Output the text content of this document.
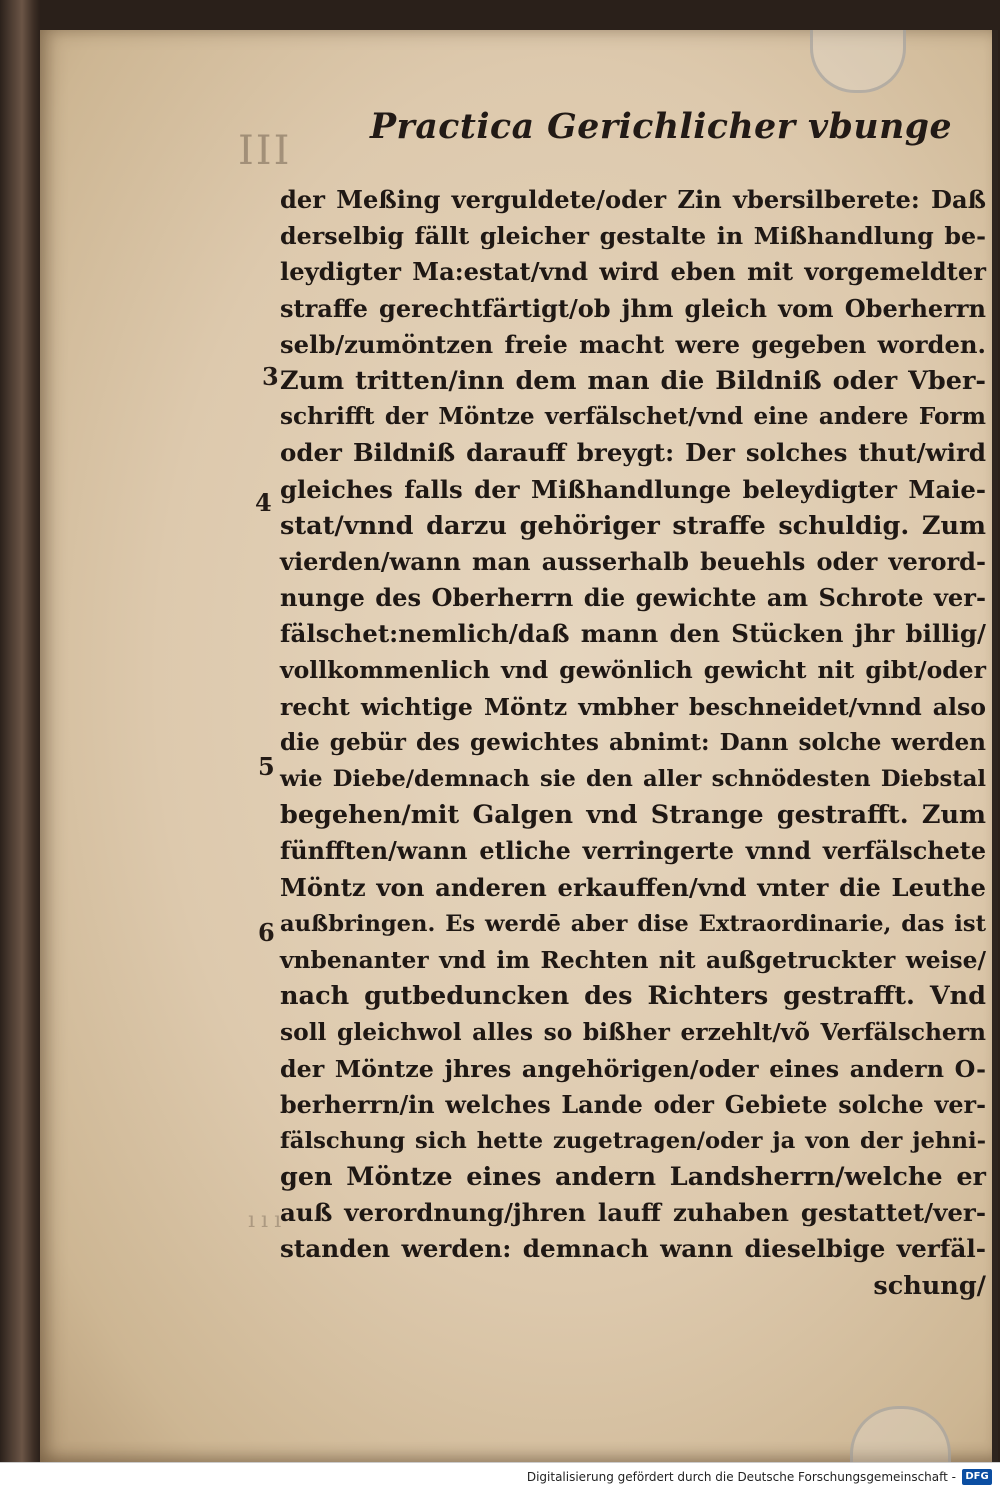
III
Practica Gerichlicher vbunge
der Meßing verguldete/oder Zin vbersilberete: Daß
derselbig fällt gleicher gestalte in Mißhandlung be-
leydigter Ma:estat/vnd wird eben mit vorgemeldter
straffe gerechtfärtigt/ob jhm gleich vom Oberherrn
selb/zumöntzen freie macht were gegeben worden.
Zum tritten/inn dem man die Bildniß oder Vber-
schrifft der Möntze verfälschet/vnd eine andere Form
oder Bildniß darauff breygt: Der solches thut/wird
gleiches falls der Mißhandlunge beleydigter Maie-
stat/vnnd darzu gehöriger straffe schuldig. Zum
vierden/wann man ausserhalb beuehls oder verord-
nunge des Oberherrn die gewichte am Schrote ver-
fälschet:nemlich/daß mann den Stücken jhr billig/
vollkommenlich vnd gewönlich gewicht nit gibt/oder
recht wichtige Möntz vmbher beschneidet/vnnd also
die gebür des gewichtes abnimt: Dann solche werden
wie Diebe/demnach sie den aller schnödesten Diebstal
begehen/mit Galgen vnd Strange gestrafft. Zum
fünfften/wann etliche verringerte vnnd verfälschete
Möntz von anderen erkauffen/vnd vnter die Leuthe
außbringen. Es werdē aber dise Extraordinarie, das ist
vnbenanter vnd im Rechten nit außgetruckter weise/
nach gutbeduncken des Richters gestrafft. Vnd
soll gleichwol alles so bißher erzehlt/võ Verfälschern
der Möntze jhres angehörigen/oder eines andern O-
berherrn/in welches Lande oder Gebiete solche ver-
fälschung sich hette zugetragen/oder ja von der jehni-
gen Möntze eines andern Landsherrn/welche er
auß verordnung/jhren lauff zuhaben gestattet/ver-
standen werden: demnach wann dieselbige verfäl-
schung/
3
4
5
6
ııı
Digitalisierung gefördert durch die Deutsche Forschungsgemeinschaft - DFG
